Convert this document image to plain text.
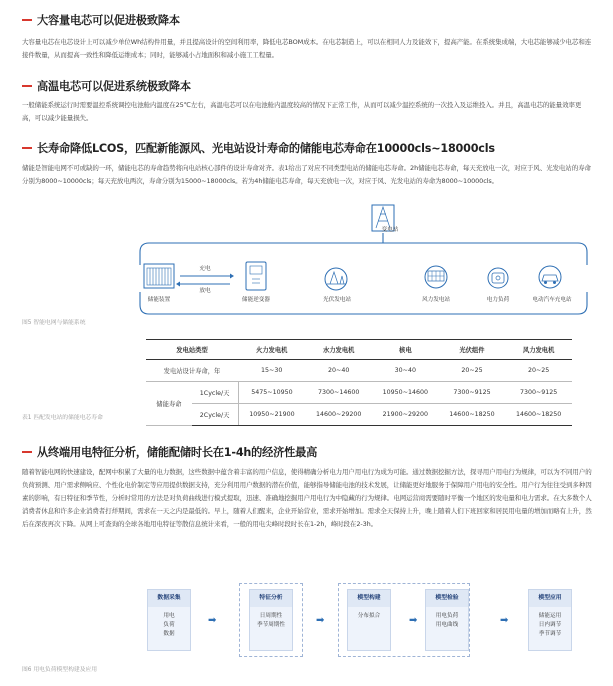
大容量电芯可以促进极致降本
大容量电芯在电芯设计上可以减少单位Wh结构件用量，并且提高设计的空间利用率，降低电芯BOM成本。在电芯制造上，可以在相同人力及能效下，提高产能。在系统集成端，大电芯能够减少电芯和连接件数量，从而提高一致性和降低运维成本；同时，能够减小占地面积和减小施工工程量。
高温电芯可以促进系统极致降本
一般储能系统运行时需要温控系统调控电池舱内温度在25℃左右，高温电芯可以在电池舱内温度较高的情况下正常工作，从而可以减少温控系统的一次投入及运维投入。并且，高温电芯的能量效率更高，可以减少能量损失。
长寿命降低LCOS，匹配新能源风、光电站设计寿命的储能电芯寿命在10000cls~18000cls
储能是智能电网不可或缺的一环，储能电芯的寿命趋势将向电站核心部件的设计寿命对齐。表1给出了对应不同类型电站的储能电芯寿命。2h储能电芯寿命，每天充放电一次，对应于风、光发电站的寿命分别为8000~10000cls；每天充放电两次，寿命分别为15000~18000cls。若为4h储能电芯寿命，每天充放电一次，对应于风、光发电站的寿命为8000~10000cls。
充电
放电
储能装置	储能逆变器
变电站
光伏发电站	风力发电站	电力负荷	电动汽车充电站
图5 智能电网与储能系统
发电站类型		火力发电机	水力发电机	核电	光伏组件	风力发电机
发电站设计寿命，年		15~30	20~40	30~40	20~25	20~25
储能寿命	1Cycle/天	5475~10950	7300~14600	10950~14600	7300~9125	7300~9125
	2Cycle/天	10950~21900	14600~29200	21900~29200	14600~18250	14600~18250
表1 匹配发电站的储能电芯寿命
从终端用电特征分析，储能配储时长在1-4h的经济性最高
随着智能电网的快速建设，配网中积累了大量的电力数据，这些数据中蕴含着丰富的用户信息，使得精确分析电力用户用电行为成为可能。通过数据挖掘方法，探寻用户用电行为规律，可以为不同用户的负荷预测、用户需求侧响应、个性化电价制定等应用提供数据支持，充分利用用户数据的潜在价值，能够指导储能电池的技术发展，让储能更好地服务于保障用户用电的安全性。用户行为往往受到多种因素的影响，有日特征和季节性，分析时常用的方法是对负荷曲线进行模式提取，迅速、准确地挖掘用户用电行为中隐藏的行为规律。电网运营商需要随时平衡一个地区的发电量和电力需求。在大多数个人消费者休息和许多企业消费者打烊期间，需求在一天之内是最低的。早上，随着人们醒来，企业开始营业，需求开始增加。需求全天保持上升，晚上随着人们下班回家和居民用电量的增加而略有上升，然后在深夜再次下降。从网上可查询的全球各地用电特征等散信息统计来看，一般的用电尖峰时段时长在1-2h，峰时段在2-3h。
数据采集
用电
负荷
数据
➡
特征分析
日周期性
季节周期性	➡
模型构建
分布拟合	➡
模型检验
用电负荷
用电曲线	➡
模型应用
储能运用
日内调节
季节调节
图6 用电负荷模型构建及应用
